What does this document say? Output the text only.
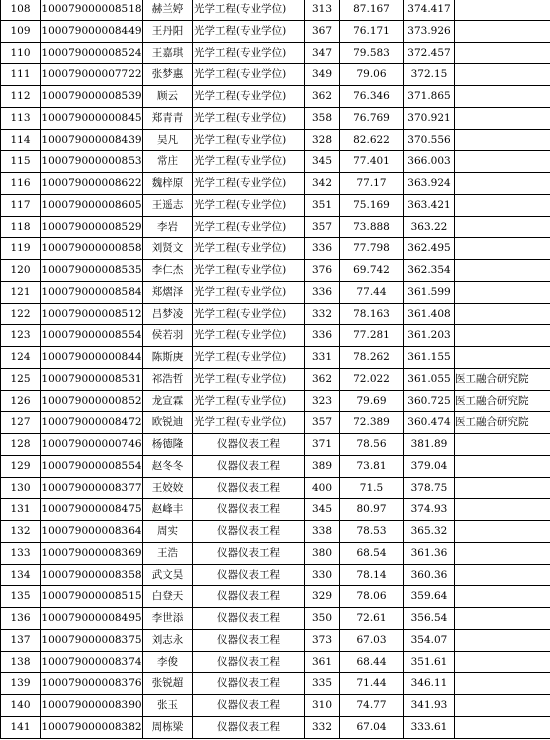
108	100079000008518	赫兰婷	光学工程(专业学位)	313	87.167	374.417	
109	100079000008449	王丹阳	光学工程(专业学位)	367	76.171	373.926	
110	100079000008524	王嘉琪	光学工程(专业学位)	347	79.583	372.457	
111	100079000007722	张梦惠	光学工程(专业学位)	349	79.06	372.15	
112	100079000008539	顾云	光学工程(专业学位)	362	76.346	371.865	
113	100079000000845	郑青青	光学工程(专业学位)	358	76.769	370.921	
114	100079000008439	吴凡	光学工程(专业学位)	328	82.622	370.556	
115	100079000000853	常庄	光学工程(专业学位)	345	77.401	366.003	
116	100079000008622	魏梓原	光学工程(专业学位)	342	77.17	363.924	
117	100079000008605	王遥志	光学工程(专业学位)	351	75.169	363.421	
118	100079000008529	李岩	光学工程(专业学位)	357	73.888	363.22	
119	100079000000858	刘贤文	光学工程(专业学位)	336	77.798	362.495	
120	100079000008535	李仁杰	光学工程(专业学位)	376	69.742	362.354	
121	100079000008584	郑熠泽	光学工程(专业学位)	336	77.44	361.599	
122	100079000008512	吕梦凌	光学工程(专业学位)	332	78.163	361.408	
123	100079000008554	侯若羽	光学工程(专业学位)	336	77.281	361.203	
124	100079000000844	陈斯庚	光学工程(专业学位)	331	78.262	361.155	
125	100079000008531	祁浩哲	光学工程(专业学位)	362	72.022	361.055	医工融合研究院
126	100079000000852	龙宣霖	光学工程(专业学位)	323	79.69	360.725	医工融合研究院
127	100079000008472	欧锐迪	光学工程(专业学位)	357	72.389	360.474	医工融合研究院
128	100079000000746	杨德隆	仪器仪表工程	371	78.56	381.89	
129	100079000008554	赵冬冬	仪器仪表工程	389	73.81	379.04	
130	100079000008377	王姣姣	仪器仪表工程	400	71.5	378.75	
131	100079000008475	赵峰丰	仪器仪表工程	345	80.97	374.93	
132	100079000008364	周实	仪器仪表工程	338	78.53	365.32	
133	100079000008369	王浩	仪器仪表工程	380	68.54	361.36	
134	100079000008358	武文昊	仪器仪表工程	330	78.14	360.36	
135	100079000008515	白登天	仪器仪表工程	329	78.06	359.64	
136	100079000008495	李世添	仪器仪表工程	350	72.61	356.54	
137	100079000008375	刘志永	仪器仪表工程	373	67.03	354.07	
138	100079000008374	李俊	仪器仪表工程	361	68.44	351.61	
139	100079000008376	张锐超	仪器仪表工程	335	71.44	346.11	
140	100079000008390	张玉	仪器仪表工程	310	74.77	341.93	
141	100079000008382	周栋梁	仪器仪表工程	332	67.04	333.61	
